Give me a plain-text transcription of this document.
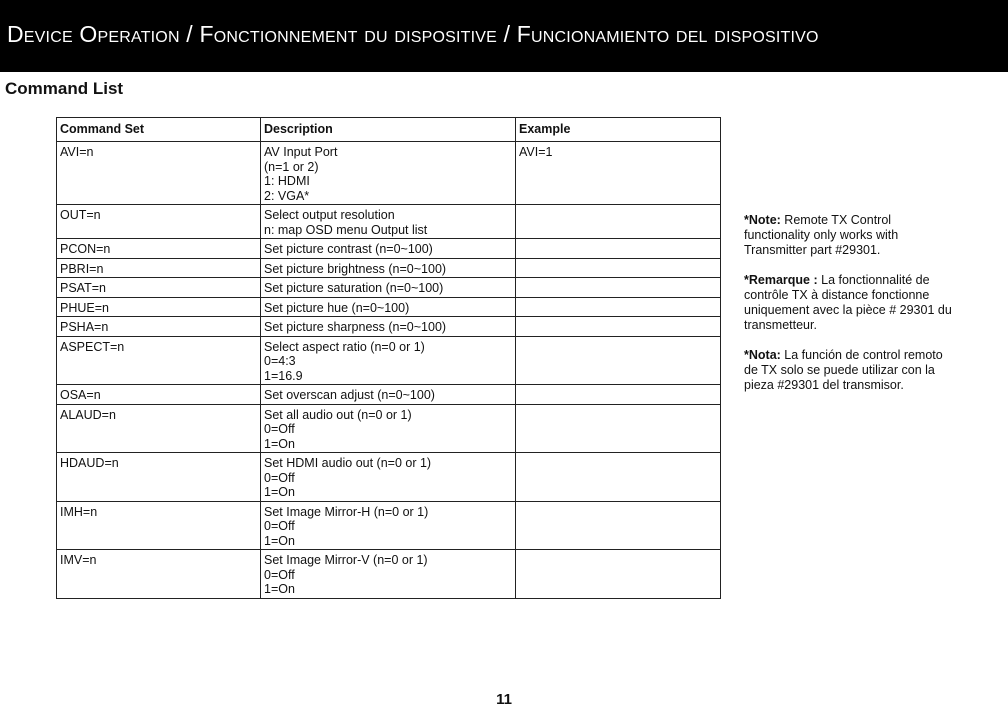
Device Operation / Fonctionnement du dispositive / Funcionamiento del dispositivo
Command List
Command Set	Description	Example
AVI=n	AV Input Port
(n=1 or 2)
1: HDMI
2: VGA*	AVI=1
OUT=n	Select output resolution
n: map OSD menu Output list	

PCON=n	Set picture contrast (n=0~100)	

PBRI=n	Set picture brightness (n=0~100)	

PSAT=n	Set picture saturation (n=0~100)	

PHUE=n	Set picture hue (n=0~100)	

PSHA=n	Set picture sharpness (n=0~100)	

ASPECT=n	Select aspect ratio (n=0 or 1)
0=4:3
1=16.9	

OSA=n	Set overscan adjust (n=0~100)	

ALAUD=n	Set all audio out (n=0 or 1)
0=Off
1=On	

HDAUD=n	Set HDMI audio out (n=0 or 1)
0=Off
1=On	

IMH=n	Set Image Mirror-H (n=0 or 1)
0=Off
1=On	

IMV=n	Set Image Mirror-V (n=0 or 1)
0=Off
1=On	

*Note: Remote TX Control functionality only works with Transmitter part #29301.

*Remarque : La fonctionnalité de contrôle TX à distance fonctionne uniquement avec la pièce # 29301 du transmetteur.

*Nota: La función de control remoto de TX solo se puede utilizar con la pieza #29301 del transmisor.

11
